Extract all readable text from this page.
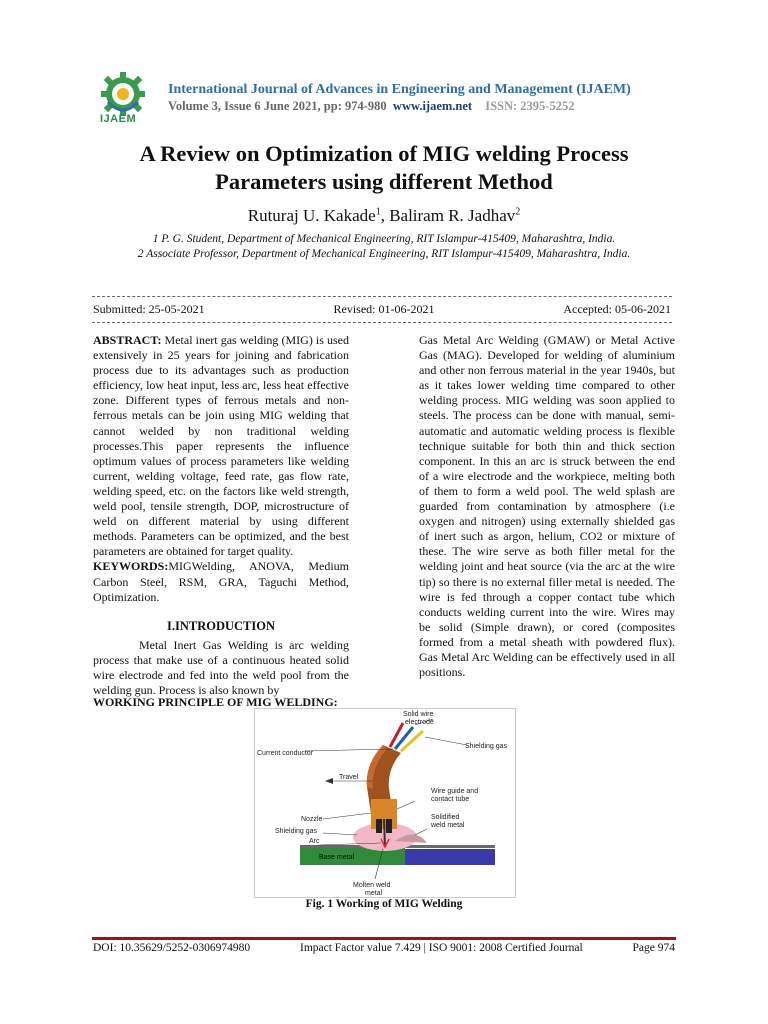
IJAEM
International Journal of Advances in Engineering and Management (IJAEM)
Volume 3, Issue 6 June 2021, pp: 974-980 www.ijaem.net ISSN: 2395-5252
A Review on Optimization of MIG welding Process
Parameters using different Method
Ruturaj U. Kakade$^1$, Baliram R. Jadhav$^2$
1 P. G. Student, Department of Mechanical Engineering, RIT Islampur-415409, Maharashtra, India.
2 Associate Professor, Department of Mechanical Engineering, RIT Islampur-415409, Maharashtra, India.
Submitted: 25-05-2021	Revised: 01-06-2021	Accepted: 05-06-2021

ABSTRACT: Metal inert gas welding (MIG) is used extensively in 25 years for joining and fabrication process due to its advantages such as production efficiency, low heat input, less arc, less heat effective zone. Different types of ferrous metals and non-ferrous metals can be join using MIG welding that cannot welded by non traditional welding processes.This paper represents the influence optimum values of process parameters like welding current, welding voltage, feed rate, gas flow rate, welding speed, etc. on the factors like weld strength, weld pool, tensile strength, DOP, microstructure of weld on different material by using different methods. Parameters can be optimized, and the best parameters are obtained for target quality.

KEYWORDS:MIGWelding, ANOVA, Medium Carbon Steel, RSM, GRA, Taguchi Method, Optimization.

I.INTRODUCTION

Metal Inert Gas Welding is arc welding process that make use of a continuous heated solid wire electrode and fed into the weld pool from the welding gun. Process is also known by

Gas Metal Arc Welding (GMAW) or Metal Active Gas (MAG). Developed for welding of aluminium and other non ferrous material in the year 1940s, but as it takes lower welding time compared to other welding process. MIG welding was soon applied to steels. The process can be done with manual, semi-automatic and automatic welding process is flexible technique suitable for both thin and thick section component. In this an arc is struck between the end of a wire electrode and the workpiece, melting both of them to form a weld pool. The weld splash are guarded from contamination by atmosphere (i.e oxygen and nitrogen) using externally shielded gas of inert such as argon, helium, CO2 or mixture of these. The wire serve as both filler metal for the welding joint and heat source (via the arc at the wire tip) so there is no external filler metal is needed. The wire is fed through a copper contact tube which conducts welding current into the wire. Wires may be solid (Simple drawn), or cored (composites formed from a metal sheath with powdered flux). Gas Metal Arc Welding can be effectively used in all positions.

WORKING PRINCIPLE OF MIG WELDING:
Solid wire
electrode
Shielding gas
Current conductor
Travel
Wire guide and
contact tube
Nozzle	Solidified
weld metal
Shielding gas
Arc
Base metal
Molten weld
metal
Fig. 1 Working of MIG Welding
DOI: 10.35629/5252-0306974980	Impact Factor value 7.429 | ISO 9001: 2008 Certified Journal	Page 974
